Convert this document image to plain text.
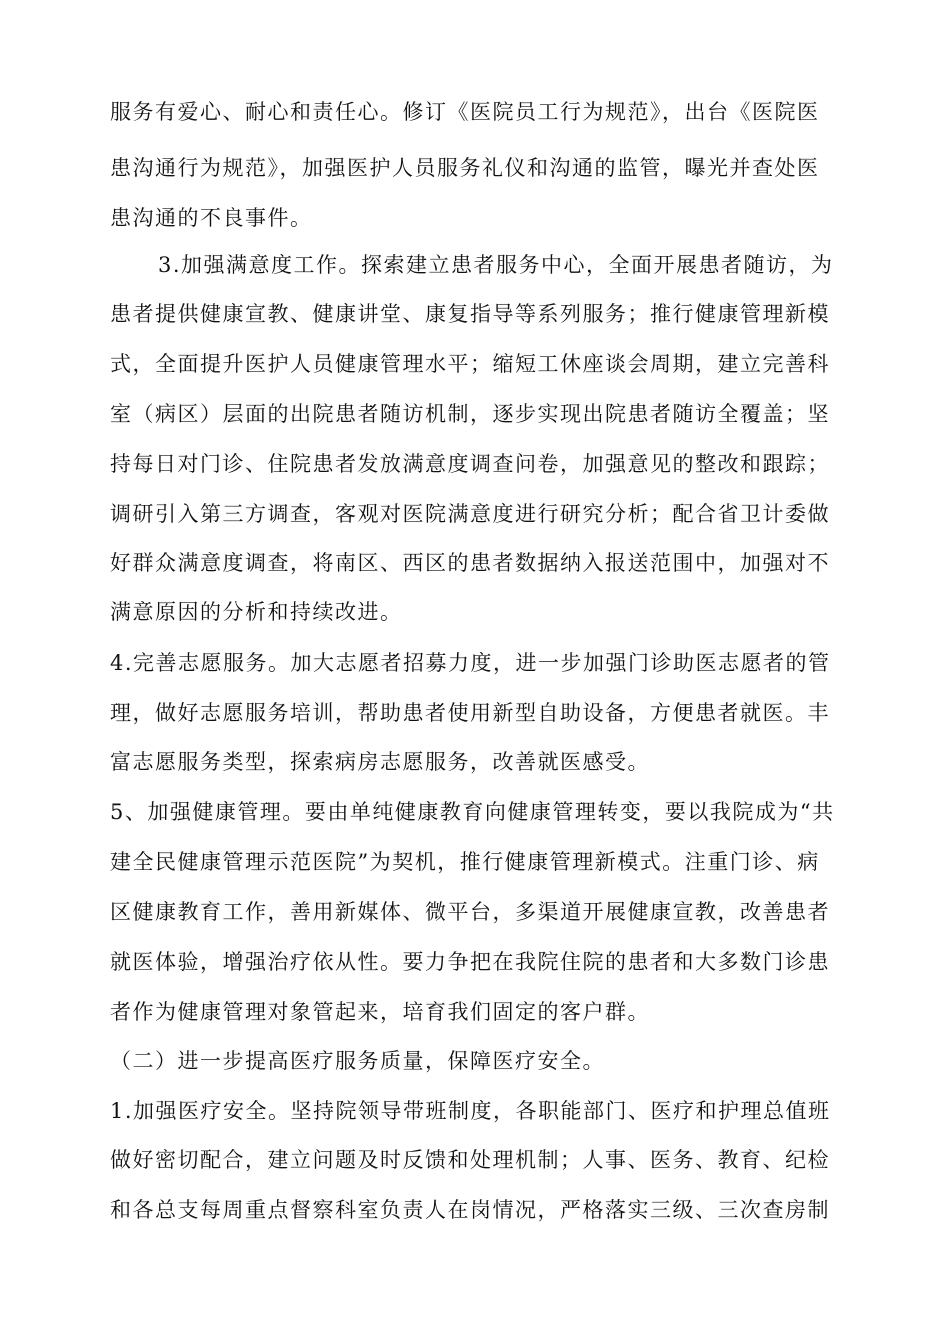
服务有爱心、耐心和责任心。修订《医院员工行为规范》，出台《医院医
患沟通行为规范》，加强医护人员服务礼仪和沟通的监管，曝光并查处医
患沟通的不良事件。
3.加强满意度工作。探索建立患者服务中心，全面开展患者随访，为
患者提供健康宣教、健康讲堂、康复指导等系列服务；推行健康管理新模
式，全面提升医护人员健康管理水平；缩短工休座谈会周期，建立完善科
室（病区）层面的出院患者随访机制，逐步实现出院患者随访全覆盖；坚
持每日对门诊、住院患者发放满意度调查问卷，加强意见的整改和跟踪；
调研引入第三方调查，客观对医院满意度进行研究分析；配合省卫计委做
好群众满意度调查，将南区、西区的患者数据纳入报送范围中，加强对不
满意原因的分析和持续改进。
4.完善志愿服务。加大志愿者招募力度，进一步加强门诊助医志愿者的管
理，做好志愿服务培训，帮助患者使用新型自助设备，方便患者就医。丰
富志愿服务类型，探索病房志愿服务，改善就医感受。
5、加强健康管理。要由单纯健康教育向健康管理转变，要以我院成为“共
建全民健康管理示范医院”为契机，推行健康管理新模式。注重门诊、病
区健康教育工作，善用新媒体、微平台，多渠道开展健康宣教，改善患者
就医体验，增强治疗依从性。要力争把在我院住院的患者和大多数门诊患
者作为健康管理对象管起来，培育我们固定的客户群。
（二）进一步提高医疗服务质量，保障医疗安全。
1.加强医疗安全。坚持院领导带班制度，各职能部门、医疗和护理总值班
做好密切配合，建立问题及时反馈和处理机制；人事、医务、教育、纪检
和各总支每周重点督察科室负责人在岗情况，严格落实三级、三次查房制
